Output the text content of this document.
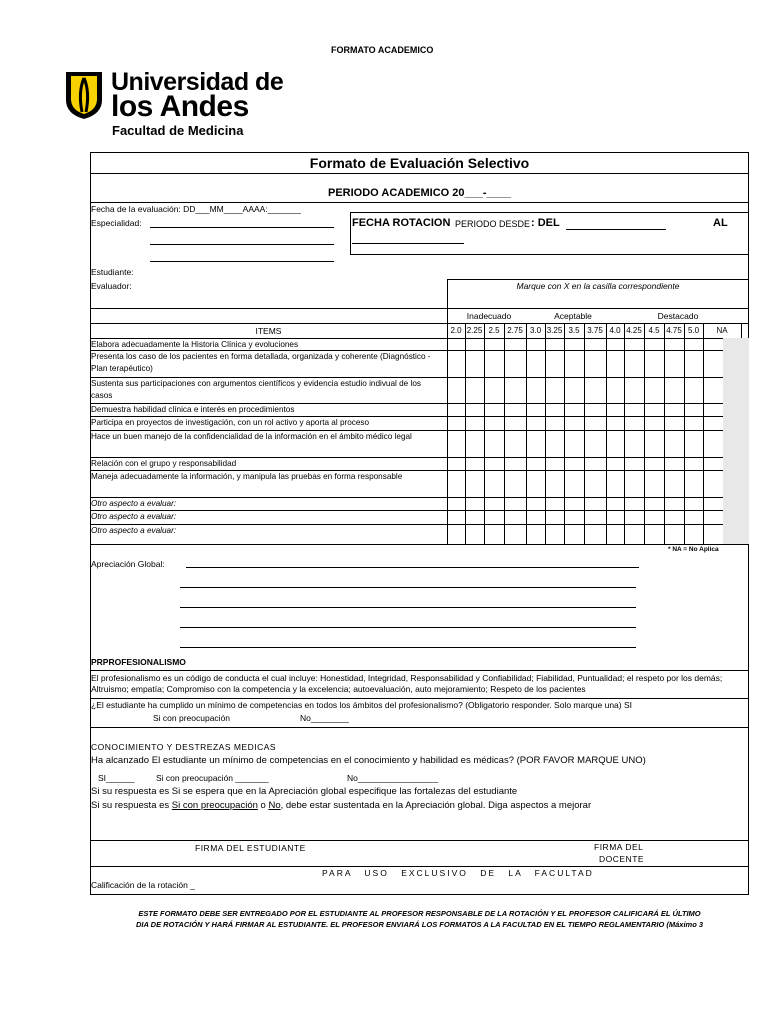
FORMATO ACADEMICO
Universidad de
los Andes
Facultad de Medicina
Formato de Evaluación Selectivo
PERIODO ACADEMICO 20___-____
Fecha de la evaluación: DD___MM____AAAA:_______
Especialidad:	FECHA ROTACION PERIODO DESDE : DEL	AL
Estudiante:
Evaluador:	Marque con X en la casilla correspondiente
Inadecuado	Aceptable	Destacado
ITEMS	2.0 2.25 2.5 2.75 3.0 3.25 3.5 3.75 4.0 4.25 4.5 4.75 5.0	NA
Elabora adecuadamente la Historia Clínica y evoluciones
Presenta los caso de los pacientes en forma detallada, organizada y coherente (Diagnóstico - Plan terapéutico)
Sustenta sus participaciones con argumentos científicos y evidencia estudio indivual de los casos
Demuestra habilidad clínica e interés en procedimientos
Participa en proyectos de investigación, con un rol activo y aporta al proceso
Hace un buen manejo de la confidencialidad de la información en el ámbito médico legal
Relación con el grupo y responsabilidad
Maneja adecuadamente la información, y manipula las pruebas en forma responsable
Otro aspecto a evaluar:
Otro aspecto a evaluar:
Otro aspecto a evaluar:
* NA = No Aplica
Apreciación Global:
PRPROFESIONALISMO
El profesionalismo es un código de conducta el cual incluye: Honestidad, Integridad, Responsabilidad y Confiabilidad; Fiabilidad, Puntualidad; el respeto por los demás; Altruismo; empatía; Compromiso con la competencia y la excelencia; autoevaluación, auto mejoramiento; Respeto de los pacientes
¿El estudiante ha cumplido un mínimo de competencias en todos los ámbitos del profesionalismo? (Obligatorio responder. Solo marque una) SI
Si con preocupación	No________
CONOCIMIENTO Y DESTREZAS MEDICAS
Ha alcanzado El estudiante un mínimo de competencias en el conocimiento y habilidad es médicas? (POR FAVOR MARQUE UNO)
SI______	Si con preocupación _______	No_________________
Si su respuesta es Si se espera que en la Apreciación global especifique las fortalezas del estudiante
Si su respuesta es Si con preocupación o No, debe estar sustentada en la Apreciación global. Diga aspectos a mejorar
FIRMA DEL ESTUDIANTE	FIRMA DEL
DOCENTE
PARA USO EXCLUSIVO DE LA FACULTAD
Calificación de la rotación _
ESTE FORMATO DEBE SER ENTREGADO POR EL ESTUDIANTE AL PROFESOR RESPONSABLE DE LA ROTACIÓN Y EL PROFESOR CALIFICARÁ EL ÚLTIMO
DIA DE ROTACIÓN Y HARÁ FIRMAR AL ESTUDIANTE. EL PROFESOR ENVIARÁ LOS FORMATOS A LA FACULTAD EN EL TIEMPO REGLAMENTARIO (Máximo 3
